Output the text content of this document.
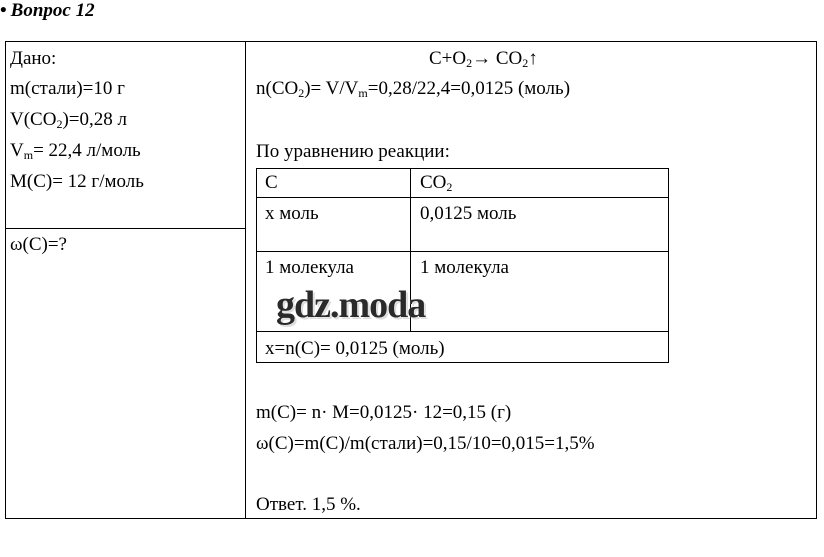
• Вопрос 12
Дано:
m(стали)=10 г
$V(CO_2)=0,28$ л
$V_m= 22,4$ л/моль
M(C)= 12 г/моль
ω(C)=?
$C+O_2\to$ $CO_2↑$
$n(CO_2)= V/V_m=0,28/22,4=0,0125$ (моль)
По уравнению реакции:
C	$CO_2$
x моль	0,0125 моль
1 молекула	1 молекула
x=n(C)= 0,0125 (моль)
m(C)= n· M=0,0125· 12=0,15 (г)
ω(C)=m(C)/m(стали)=0,15/10=0,015=1,5%
Ответ. 1,5 %.
gdz.moda
